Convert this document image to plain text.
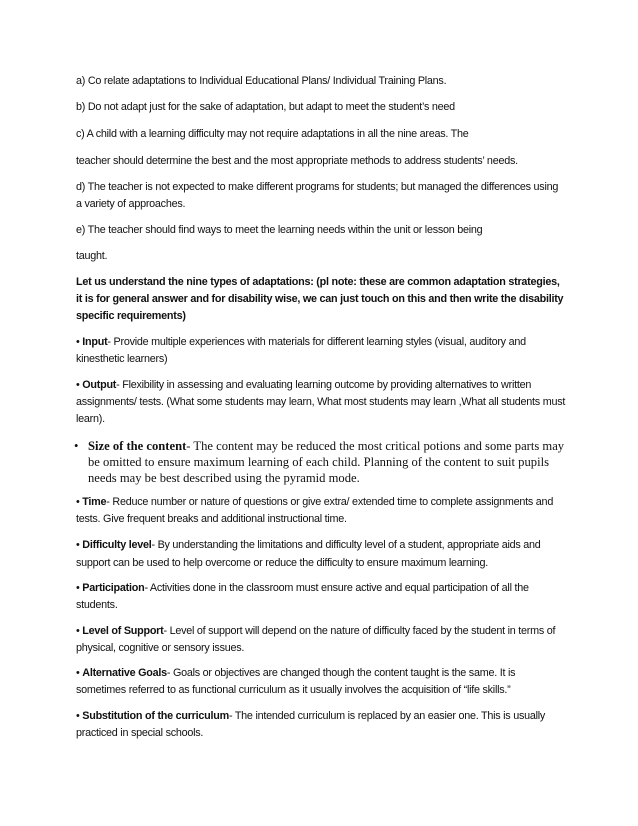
a) Co relate adaptations to Individual Educational Plans/ Individual Training Plans.

b) Do not adapt just for the sake of adaptation, but adapt to meet the student’s need

c) A child with a learning difficulty may not require adaptations in all the nine areas. The

teacher should determine the best and the most appropriate methods to address students’ needs.

d) The teacher is not expected to make different programs for students; but managed the differences using a variety of approaches.

e) The teacher should find ways to meet the learning needs within the unit or lesson being

taught.

Let us understand the nine types of adaptations: (pl note: these are common adaptation strategies, it is for general answer and for disability wise, we can just touch on this and then write the disability specific requirements)

• Input- Provide multiple experiences with materials for different learning styles (visual, auditory and kinesthetic learners)

• Output- Flexibility in assessing and evaluating learning outcome by providing alternatives to written assignments/ tests. (What some students may learn, What most students may learn ,What all students must learn).

• Size of the content- The content may be reduced the most critical potions and some parts may
be omitted to ensure maximum learning of each child. Planning of the content to suit pupils
needs may be best described using the pyramid mode.

• Time- Reduce number or nature of questions or give extra/ extended time to complete assignments and tests. Give frequent breaks and additional instructional time.

• Difficulty level- By understanding the limitations and difficulty level of a student, appropriate aids and

support can be used to help overcome or reduce the difficulty to ensure maximum learning.

• Participation- Activities done in the classroom must ensure active and equal participation of all the students.

• Level of Support- Level of support will depend on the nature of difficulty faced by the student in terms of physical, cognitive or sensory issues.

• Alternative Goals- Goals or objectives are changed though the content taught is the same. It is sometimes referred to as functional curriculum as it usually involves the acquisition of “life skills.”

• Substitution of the curriculum- The intended curriculum is replaced by an easier one. This is usually practiced in special schools.
